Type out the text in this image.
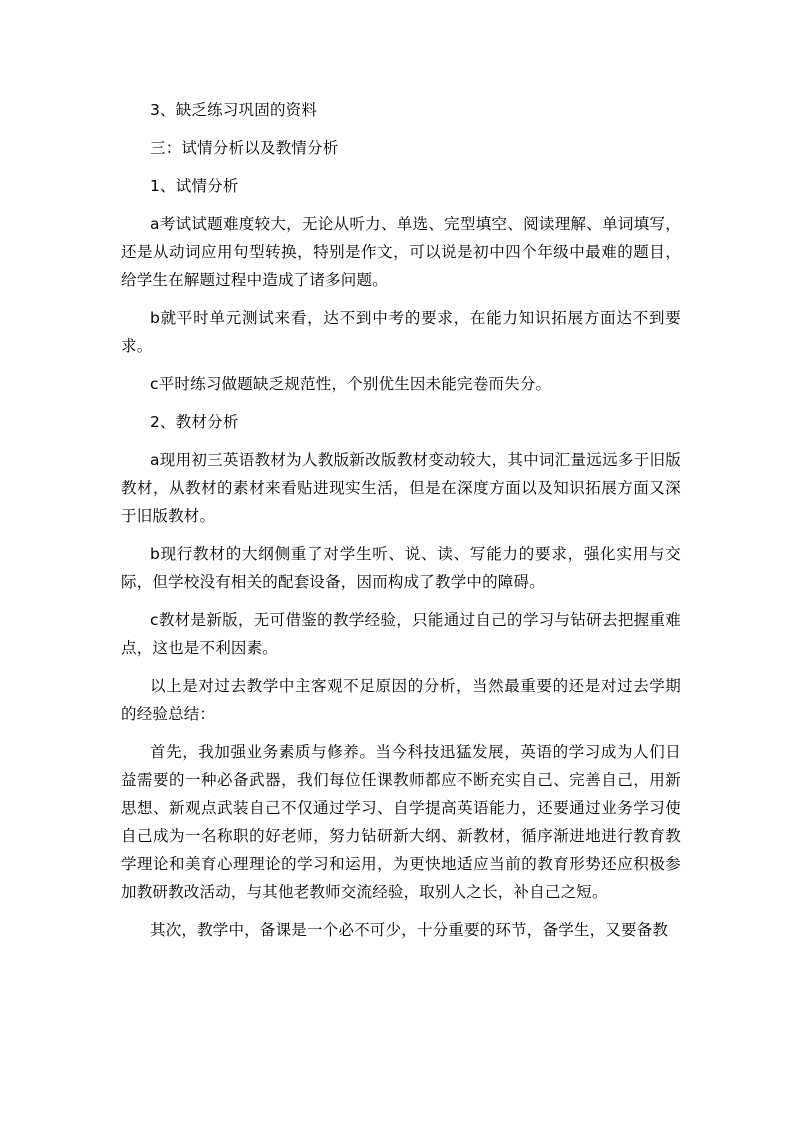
3、缺乏练习巩固的资料

三：试情分析以及教情分析

1、试情分析

a考试试题难度较大，无论从听力、单选、完型填空、阅读理解、单词填写，还是从动词应用句型转换，特别是作文，可以说是初中四个年级中最难的题目，给学生在解题过程中造成了诸多问题。

b就平时单元测试来看，达不到中考的要求，在能力知识拓展方面达不到要求。

c平时练习做题缺乏规范性，个别优生因未能完卷而失分。

2、教材分析

a现用初三英语教材为人教版新改版教材变动较大，其中词汇量远远多于旧版教材，从教材的素材来看贴进现实生活，但是在深度方面以及知识拓展方面又深于旧版教材。

b现行教材的大纲侧重了对学生听、说、读、写能力的要求，强化实用与交际，但学校没有相关的配套设备，因而构成了教学中的障碍。

c教材是新版，无可借鉴的教学经验，只能通过自己的学习与钻研去把握重难点，这也是不利因素。

以上是对过去教学中主客观不足原因的分析，当然最重要的还是对过去学期的经验总结：

首先，我加强业务素质与修养。当今科技迅猛发展，英语的学习成为人们日益需要的一种必备武器，我们每位任课教师都应不断充实自己、完善自己，用新思想、新观点武装自己不仅通过学习、自学提高英语能力，还要通过业务学习使自己成为一名称职的好老师，努力钻研新大纲、新教材，循序渐进地进行教育教学理论和美育心理理论的学习和运用，为更快地适应当前的教育形势还应积极参加教研教改活动，与其他老教师交流经验，取别人之长，补自己之短。

其次，教学中，备课是一个必不可少，十分重要的环节，备学生，又要备教
